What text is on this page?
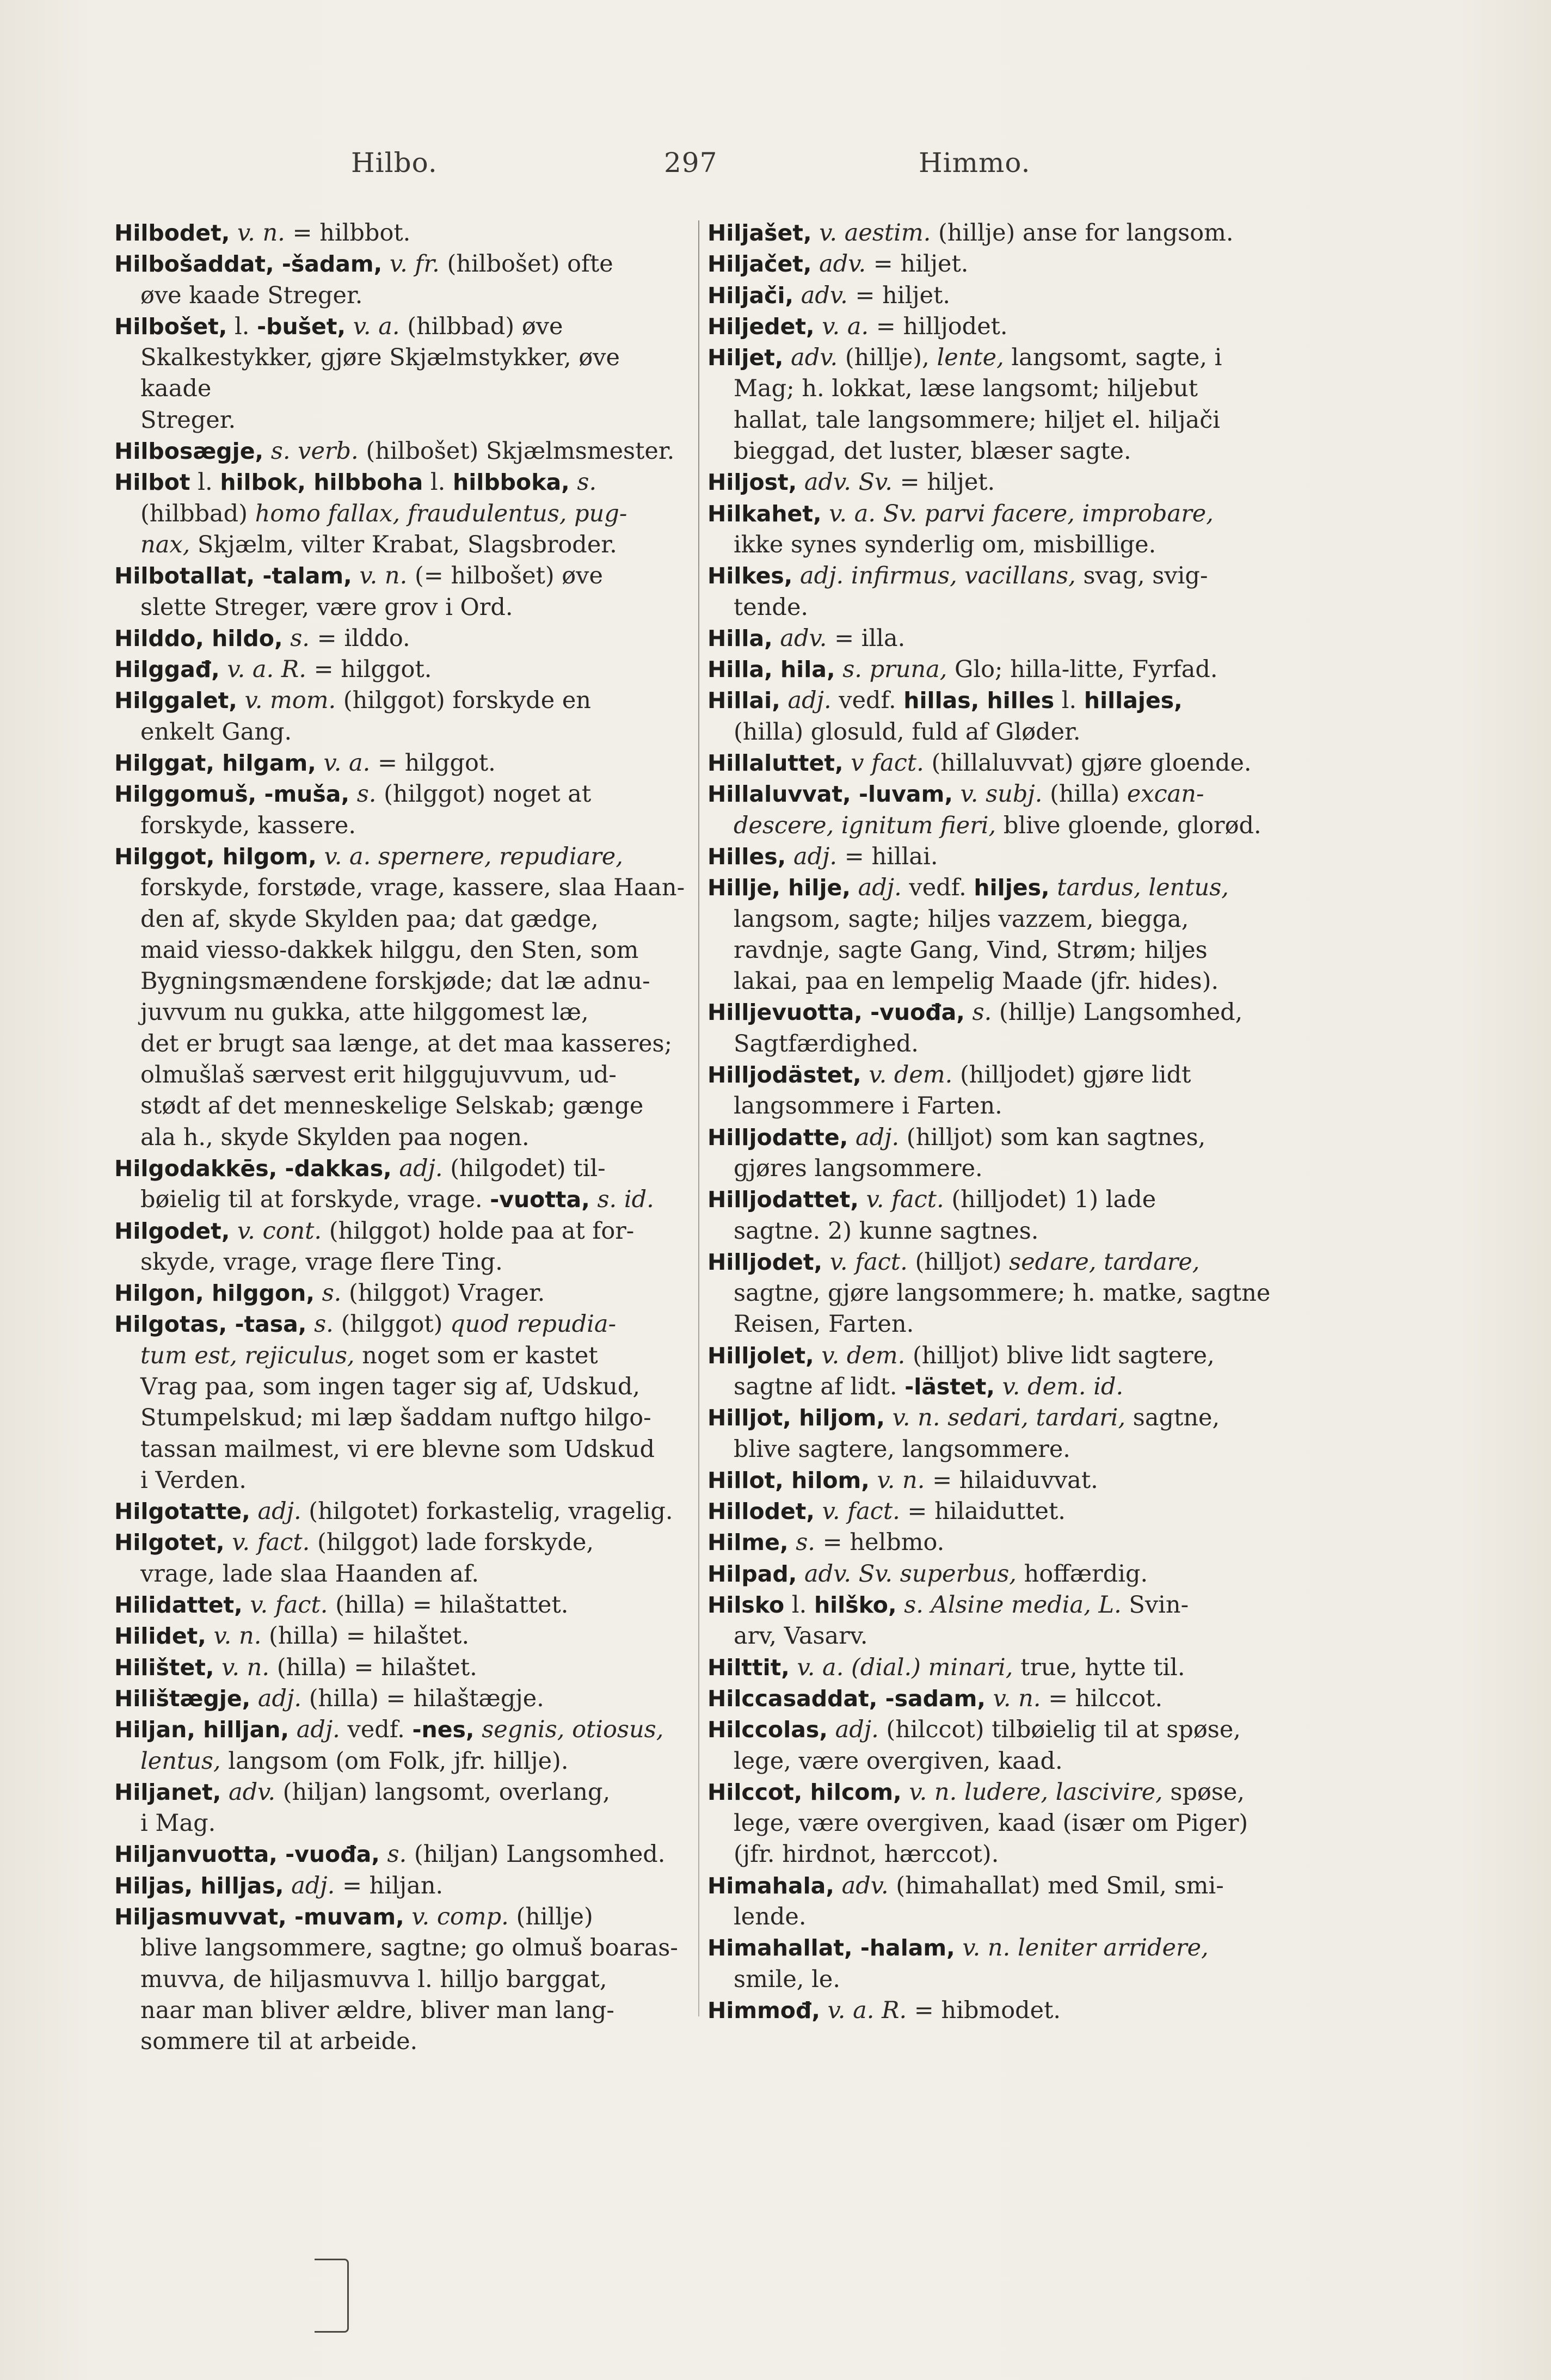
Hilbo.	297	Himmo.

Hilbodet, v. n. = hilbbot.

Hilbošaddat, -šadam, v. fr. (hilbošet) ofte

øve kaade Streger.

Hilbošet, l. -bušet, v. a. (hilbbad) øve

Skalkestykker, gjøre Skjælmstykker, øve kaade

Streger.

Hilbosægje, s. verb. (hilbošet) Skjælmsmester.

Hilbot l. hilbok, hilbboha l. hilbboka, s.

(hilbbad) homo fallax, fraudulentus, pug-

nax, Skjælm, vilter Krabat, Slagsbroder.

Hilbotallat, -talam, v. n. (= hilbošet) øve

slette Streger, være grov i Ord.

Hilddo, hildo, s. = ilddo.

Hilggađ, v. a. R. = hilggot.

Hilggalet, v. mom. (hilggot) forskyde en

enkelt Gang.

Hilggat, hilgam, v. a. = hilggot.

Hilggomuš, -muša, s. (hilggot) noget at

forskyde, kassere.

Hilggot, hilgom, v. a. spernere, repudiare,

forskyde, forstøde, vrage, kassere, slaa Haan-

den af, skyde Skylden paa; dat gædge,

maid viesso-dakkek hilggu, den Sten, som

Bygningsmændene forskjøde; dat læ adnu-

juvvum nu gukka, atte hilggomest læ,

det er brugt saa længe, at det maa kasseres;

olmušlaš særvest erit hilggujuvvum, ud-

stødt af det menneskelige Selskab; gænge

ala h., skyde Skylden paa nogen.

Hilgodakkēs, -dakkas, adj. (hilgodet) til-

bøielig til at forskyde, vrage. -vuotta, s. id.

Hilgodet, v. cont. (hilggot) holde paa at for-

skyde, vrage, vrage flere Ting.

Hilgon, hilggon, s. (hilggot) Vrager.

Hilgotas, -tasa, s. (hilggot) quod repudia-

tum est, rejiculus, noget som er kastet

Vrag paa, som ingen tager sig af, Udskud,

Stumpelskud; mi læp šaddam nuftgo hilgo-

tassan mailmest, vi ere blevne som Udskud

i Verden.

Hilgotatte, adj. (hilgotet) forkastelig, vragelig.

Hilgotet, v. fact. (hilggot) lade forskyde,

vrage, lade slaa Haanden af.

Hilidattet, v. fact. (hilla) = hilaštattet.

Hilidet, v. n. (hilla) = hilaštet.

Hilištet, v. n. (hilla) = hilaštet.

Hilištægje, adj. (hilla) = hilaštægje.

Hiljan, hilljan, adj. vedf. -nes, segnis, otiosus,

lentus, langsom (om Folk, jfr. hillje).

Hiljanet, adv. (hiljan) langsomt, overlang,

i Mag.

Hiljanvuotta, -vuođa, s. (hiljan) Langsomhed.

Hiljas, hilljas, adj. = hiljan.

Hiljasmuvvat, -muvam, v. comp. (hillje)

blive langsommere, sagtne; go olmuš boaras-

muvva, de hiljasmuvva l. hilljo barggat,

naar man bliver ældre, bliver man lang-

sommere til at arbeide.

Hiljašet, v. aestim. (hillje) anse for langsom.

Hiljačet, adv. = hiljet.

Hiljači, adv. = hiljet.

Hiljedet, v. a. = hilljodet.

Hiljet, adv. (hillje), lente, langsomt, sagte, i

Mag; h. lokkat, læse langsomt; hiljebut

hallat, tale langsommere; hiljet el. hiljači

bieggad, det luster, blæser sagte.

Hiljost, adv. Sv. = hiljet.

Hilkahet, v. a. Sv. parvi facere, improbare,

ikke synes synderlig om, misbillige.

Hilkes, adj. infirmus, vacillans, svag, svig-

tende.

Hilla, adv. = illa.

Hilla, hila, s. pruna, Glo; hilla-litte, Fyrfad.

Hillai, adj. vedf. hillas, hilles l. hillajes,

(hilla) glosuld, fuld af Gløder.

Hillaluttet, v fact. (hillaluvvat) gjøre gloende.

Hillaluvvat, -luvam, v. subj. (hilla) excan-

descere, ignitum fieri, blive gloende, glorød.

Hilles, adj. = hillai.

Hillje, hilje, adj. vedf. hiljes, tardus, lentus,

langsom, sagte; hiljes vazzem, biegga,

ravdnje, sagte Gang, Vind, Strøm; hiljes

lakai, paa en lempelig Maade (jfr. hides).

Hilljevuotta, -vuođa, s. (hillje) Langsomhed,

Sagtfærdighed.

Hilljodästet, v. dem. (hilljodet) gjøre lidt

langsommere i Farten.

Hilljodatte, adj. (hilljot) som kan sagtnes,

gjøres langsommere.

Hilljodattet, v. fact. (hilljodet) 1) lade

sagtne. 2) kunne sagtnes.

Hilljodet, v. fact. (hilljot) sedare, tardare,

sagtne, gjøre langsommere; h. matke, sagtne

Reisen, Farten.

Hilljolet, v. dem. (hilljot) blive lidt sagtere,

sagtne af lidt. -lästet, v. dem. id.

Hilljot, hiljom, v. n. sedari, tardari, sagtne,

blive sagtere, langsommere.

Hillot, hilom, v. n. = hilaiduvvat.

Hillodet, v. fact. = hilaiduttet.

Hilme, s. = helbmo.

Hilpad, adv. Sv. superbus, hoffærdig.

Hilsko l. hilško, s. Alsine media, L. Svin-

arv, Vasarv.

Hilttit, v. a. (dial.) minari, true, hytte til.

Hilccasaddat, -sadam, v. n. = hilccot.

Hilccolas, adj. (hilccot) tilbøielig til at spøse,

lege, være overgiven, kaad.

Hilccot, hilcom, v. n. ludere, lascivire, spøse,

lege, være overgiven, kaad (især om Piger)

(jfr. hirdnot, hærccot).

Himahala, adv. (himahallat) med Smil, smi-

lende.

Himahallat, -halam, v. n. leniter arridere,

smile, le.

Himmođ, v. a. R. = hibmodet.
